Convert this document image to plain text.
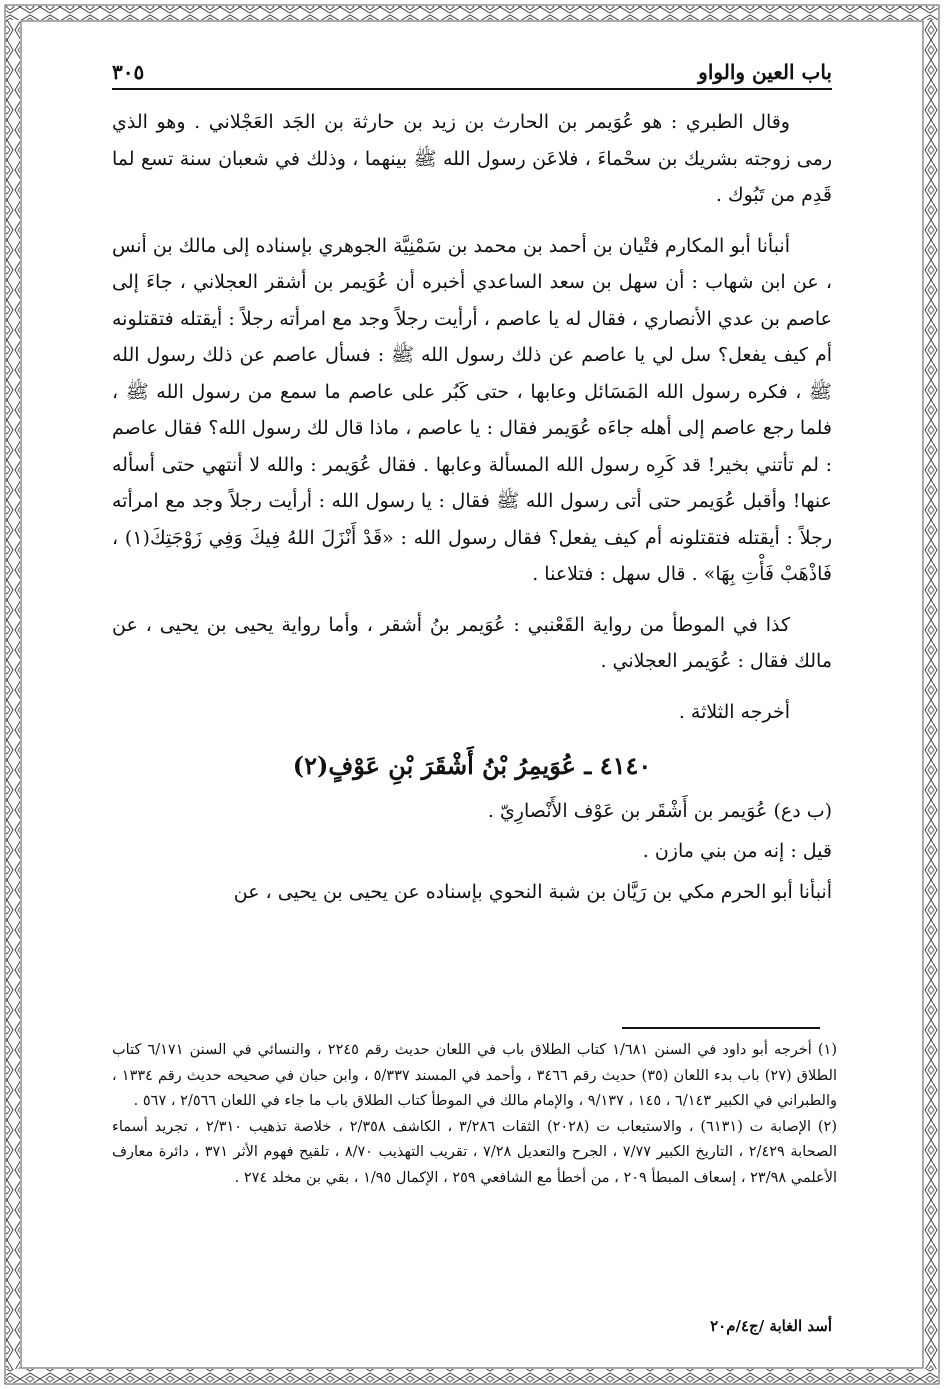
باب العين والواو
٣٠٥

وقال الطبري : هو عُوَيمر بن الحارث بن زيد بن حارثة بن الجَد العَجْلاني . وهو الذي رمى زوجته بشريك بن سحْماءَ ، فلاعَن رسول الله ﷺ بينهما ، وذلك في شعبان سنة تسع لما قَدِم من تَبُوك .

أنبأنا أبو المكارم فتْيان بن أحمد بن محمد بن سَمْنِيَّة الجوهري بإسناده إلى مالك بن أنس ، عن ابن شهاب : أن سهل بن سعد الساعدي أخبره أن عُوَيمر بن أشقر العجلاني ، جاءَ إلى عاصم بن عدي الأنصاري ، فقال له يا عاصم ، أرأيت رجلاً وجد مع امرأته رجلاً : أيقتله فتقتلونه أم كيف يفعل؟ سل لي يا عاصم عن ذلك رسول الله ﷺ : فسأل عاصم عن ذلك رسول الله ﷺ ، فكره رسول الله المَسَائل وعابها ، حتى كَبُر على عاصم ما سمع من رسول الله ﷺ ، فلما رجع عاصم إلى أهله جاءَه عُوَيمر فقال : يا عاصم ، ماذا قال لك رسول الله؟ فقال عاصم : لم تأتني بخير! قد كَرِه رسول الله المسألة وعابها . فقال عُوَيمر : والله لا أنتهي حتى أسأله عنها! وأقبل عُوَيمر حتى أتى رسول الله ﷺ فقال : يا رسول الله : أرأيت رجلاً وجد مع امرأته رجلاً : أيقتله فتقتلونه أم كيف يفعل؟ فقال رسول الله : «قَدْ أَنْزَلَ اللهُ فِيكَ وَفِي زَوْجَتِكَ(١) ، فَاذْهَبْ فَأْتِ بِهَا» . قال سهل : فتلاعنا .

كذا في الموطأ من رواية القَعْنبي : عُوَيمر بنُ أشقر ، وأما رواية يحيى بن يحيى ، عن مالك فقال : عُوَيمر العجلاني .

أخرجه الثلاثة .

٤١٤٠ ـ عُوَيمِرُ بْنُ أَشْقَرَ بْنِ عَوْفٍ(٢)

(ب دع) عُوَيمر بن أَشْقَر بن عَوْف الأَنْصارِيّ .

قيل : إنه من بني مازن .

أنبأنا أبو الحرم مكي بن رَيَّان بن شبة النحوي بإسناده عن يحيى بن يحيى ، عن

(١) أخرجه أبو داود في السنن ١/٦٨١ كتاب الطلاق باب في اللعان حديث رقم ٢٢٤٥ ، والنسائي في السنن ٦/١٧١ كتاب الطلاق (٢٧) باب بدء اللعان (٣٥) حديث رقم ٣٤٦٦ ، وأحمد في المسند ٥/٣٣٧ ، وابن حبان في صحيحه حديث رقم ١٣٣٤ ، والطبراني في الكبير ٦/١٤٣ ، ١٤٥ ، ٩/١٣٧ ، والإمام مالك في الموطأ كتاب الطلاق باب ما جاء في اللعان ٢/٥٦٦ ، ٥٦٧ .

(٢) الإصابة ت (٦١٣١) ، والاستيعاب ت (٢٠٢٨) الثقات ٣/٢٨٦ ، الكاشف ٢/٣٥٨ ، خلاصة تذهيب ٢/٣١٠ ، تجريد أسماء الصحابة ٢/٤٢٩ ، التاريخ الكبير ٧/٧٧ ، الجرح والتعديل ٧/٢٨ ، تقريب التهذيب ٨/٧٠ ، تلقيح فهوم الأثر ٣٧١ ، دائرة معارف الأعلمي ٢٣/٩٨ ، إسعاف المبطأ ٢٠٩ ، من أخطأ مع الشافعي ٢٥٩ ، الإكمال ١/٩٥ ، بقي بن مخلد ٢٧٤ .

أسد الغابة /ج٤/م٢٠
